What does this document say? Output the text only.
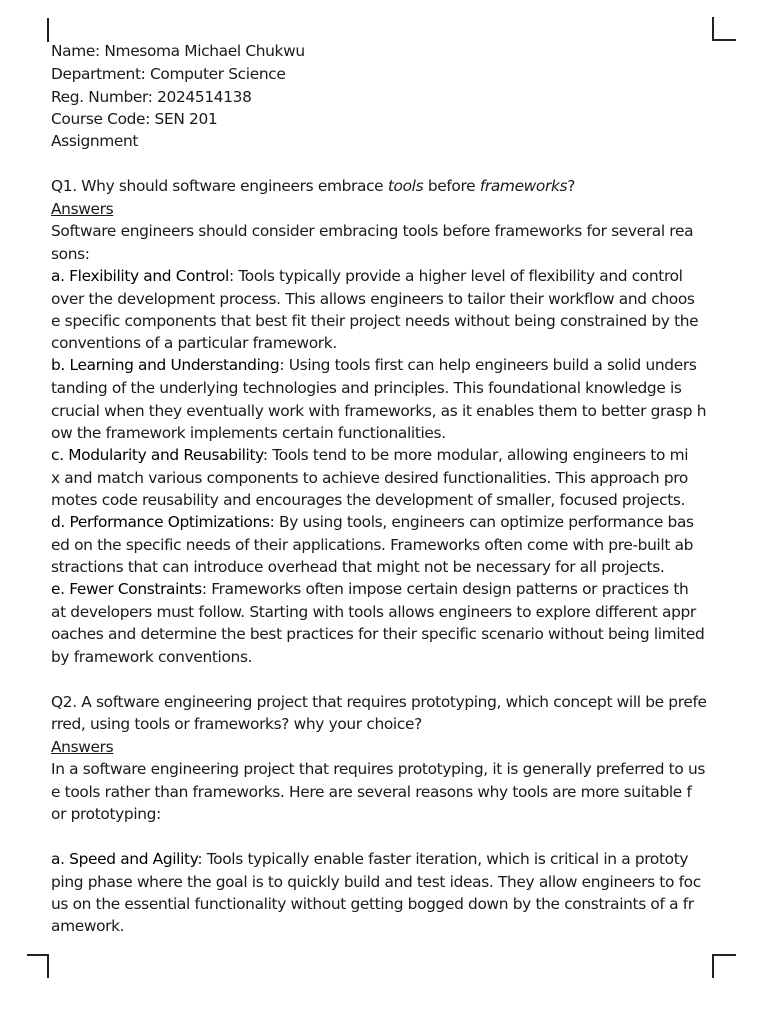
Name: Nmesoma Michael Chukwu
Department: Computer Science
Reg. Number: 2024514138
Course Code: SEN 201
Assignment
Q1. Why should software engineers embrace tools before frameworks?
Answers
Software engineers should consider embracing tools before frameworks for several rea
sons:
a. Flexibility and Control: Tools typically provide a higher level of flexibility and control
over the development process. This allows engineers to tailor their workflow and choos
e specific components that best fit their project needs without being constrained by the
conventions of a particular framework.
b. Learning and Understanding: Using tools first can help engineers build a solid unders
tanding of the underlying technologies and principles. This foundational knowledge is
crucial when they eventually work with frameworks, as it enables them to better grasp h
ow the framework implements certain functionalities.
c. Modularity and Reusability: Tools tend to be more modular, allowing engineers to mi
x and match various components to achieve desired functionalities. This approach pro
motes code reusability and encourages the development of smaller, focused projects.
d. Performance Optimizations: By using tools, engineers can optimize performance bas
ed on the specific needs of their applications. Frameworks often come with pre-built ab
stractions that can introduce overhead that might not be necessary for all projects.
e. Fewer Constraints: Frameworks often impose certain design patterns or practices th
at developers must follow. Starting with tools allows engineers to explore different appr
oaches and determine the best practices for their specific scenario without being limited
by framework conventions.
Q2. A software engineering project that requires prototyping, which concept will be prefe
rred, using tools or frameworks? why your choice?
Answers
In a software engineering project that requires prototyping, it is generally preferred to us
e tools rather than frameworks. Here are several reasons why tools are more suitable f
or prototyping:
a. Speed and Agility: Tools typically enable faster iteration, which is critical in a prototy
ping phase where the goal is to quickly build and test ideas. They allow engineers to foc
us on the essential functionality without getting bogged down by the constraints of a fr
amework.
